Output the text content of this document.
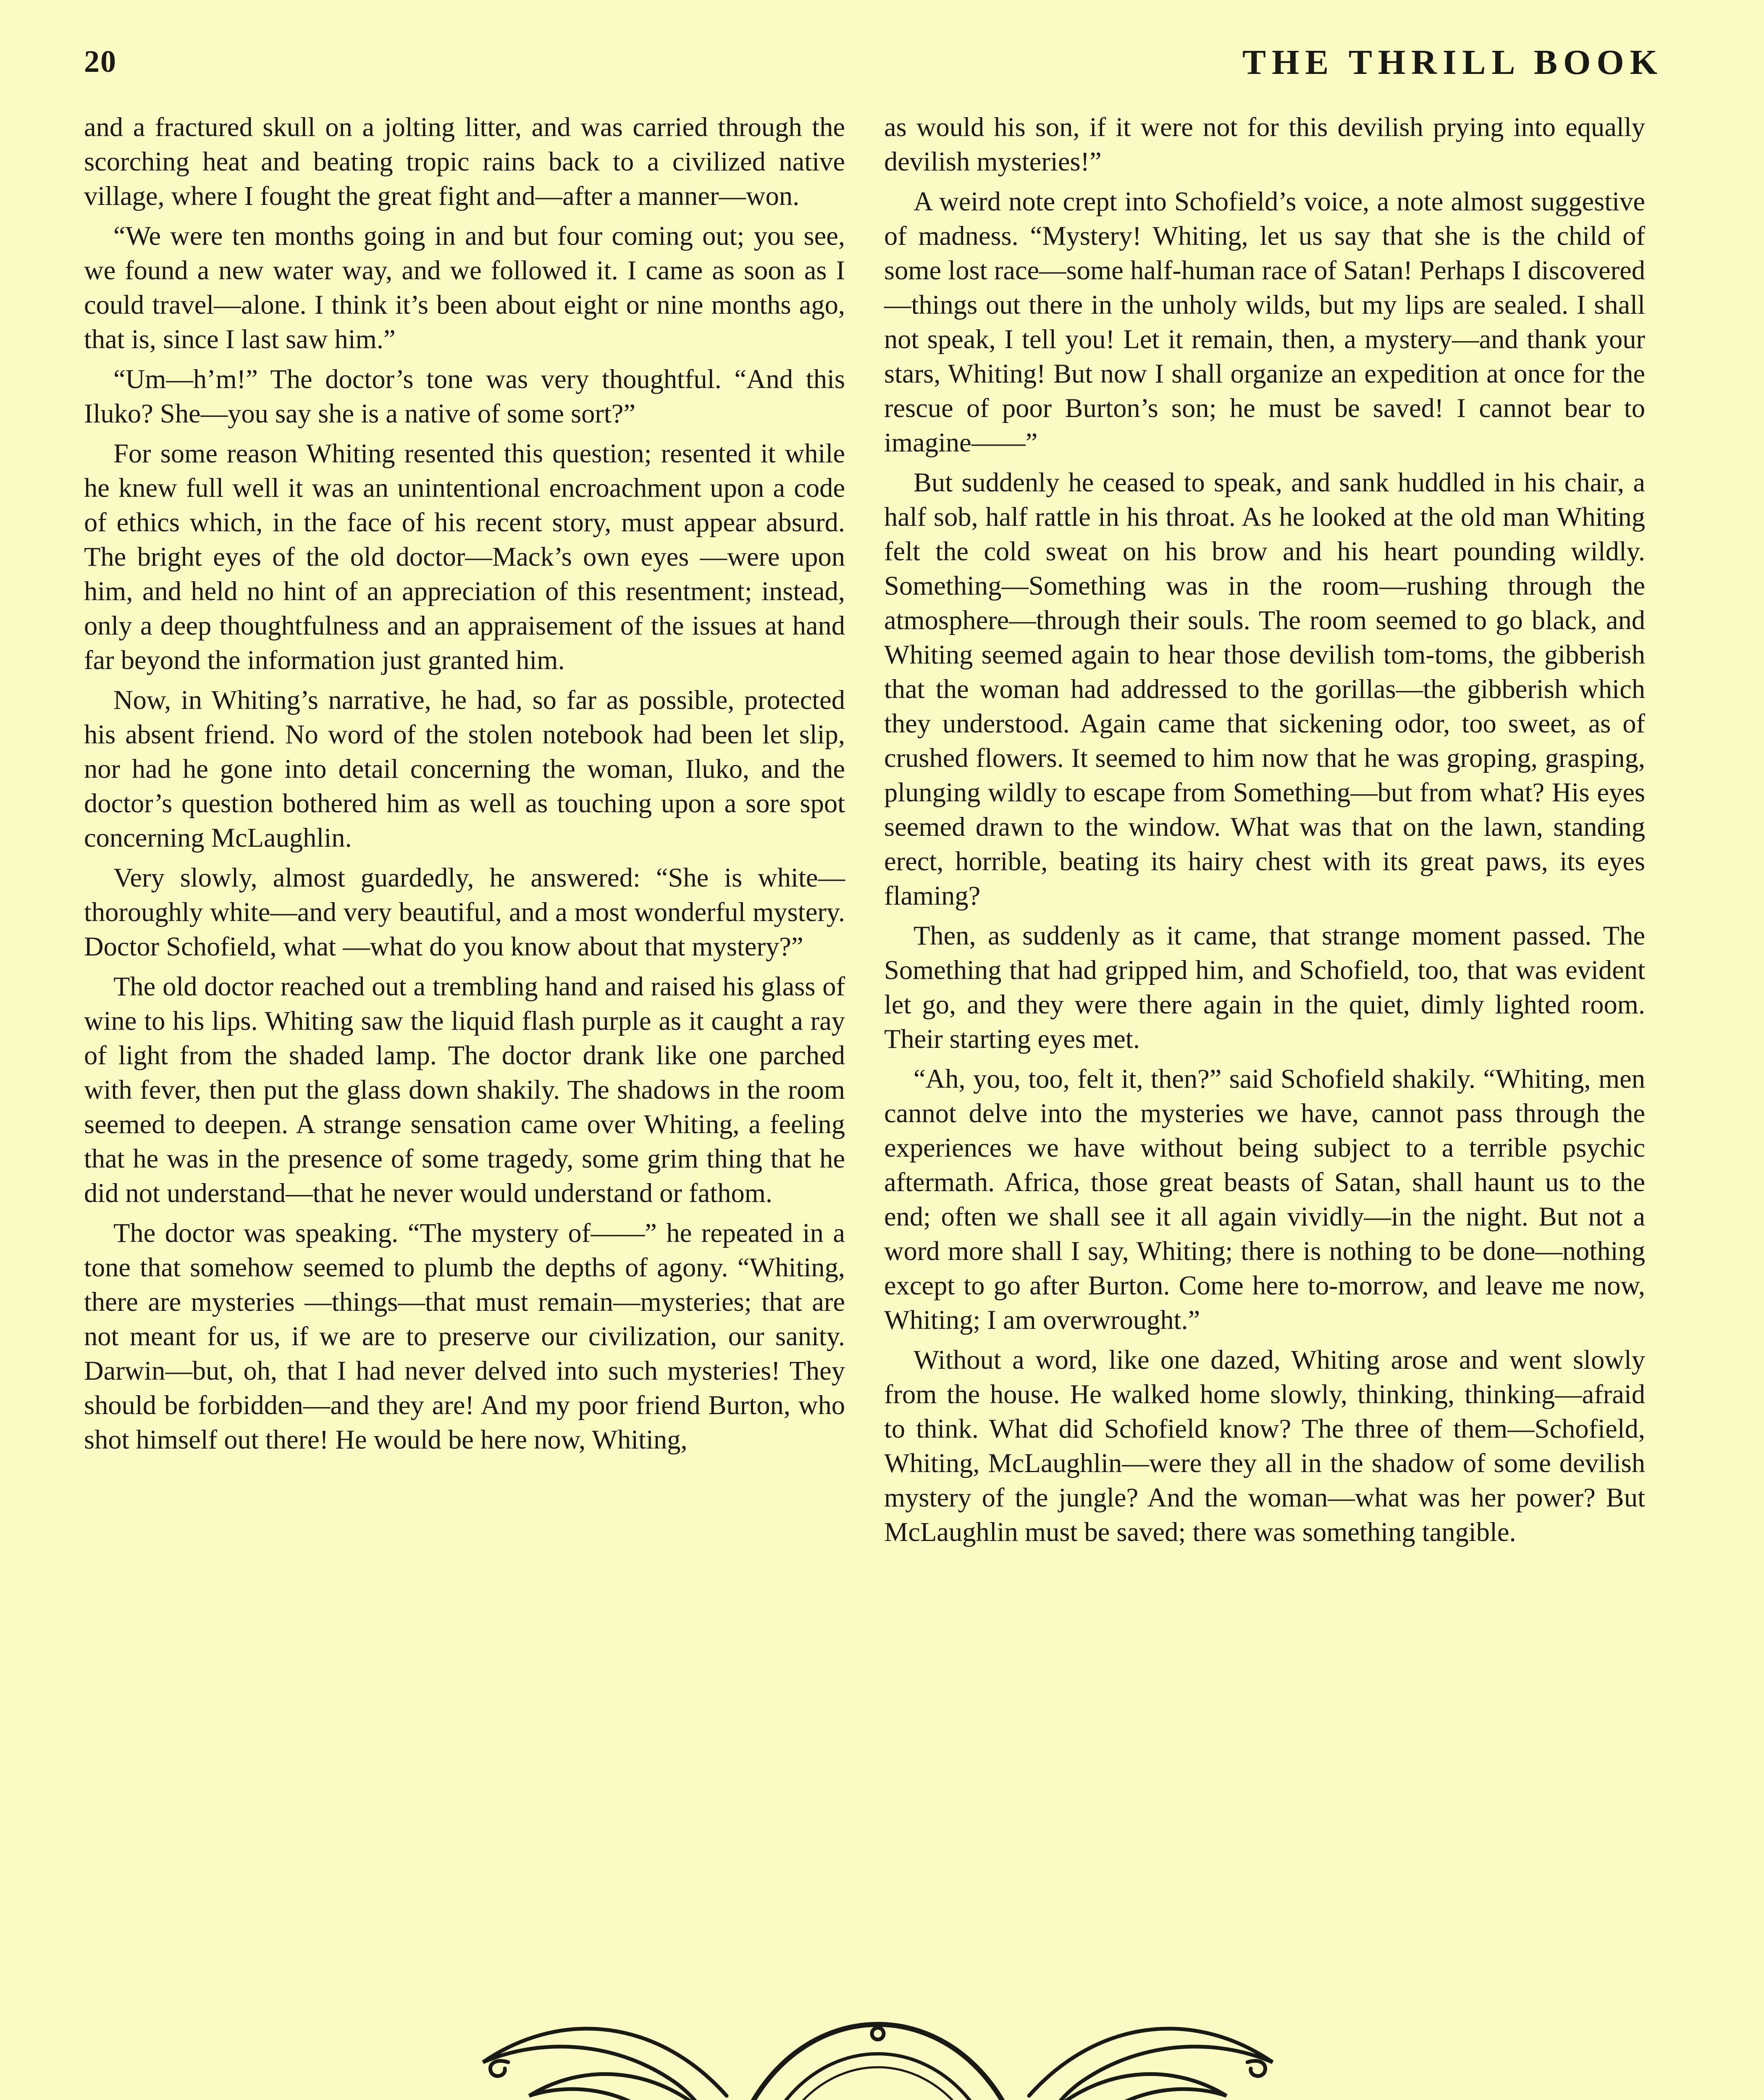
20	THE THRILL BOOK

and a fractured skull on a jolting litter, and was carried through the scorching heat and beating tropic rains back to a civilized native village, where I fought the great fight and—after a manner—won.

“We were ten months going in and but four coming out; you see, we found a new water way, and we followed it. I came as soon as I could travel—alone. I think it’s been about eight or nine months ago, that is, since I last saw him.”

“Um—h’m!” The doctor’s tone was very thoughtful. “And this Iluko? She—you say she is a native of some sort?”

For some reason Whiting resented this question; resented it while he knew full well it was an unintentional encroachment upon a code of ethics which, in the face of his recent story, must appear absurd. The bright eyes of the old doctor—Mack’s own eyes —were upon him, and held no hint of an appreciation of this resentment; instead, only a deep thoughtfulness and an appraisement of the issues at hand far beyond the information just granted him.

Now, in Whiting’s narrative, he had, so far as possible, protected his absent friend. No word of the stolen notebook had been let slip, nor had he gone into detail concerning the woman, Iluko, and the doctor’s question bothered him as well as touching upon a sore spot concerning McLaughlin.

Very slowly, almost guardedly, he answered: “She is white—thoroughly white—and very beautiful, and a most wonderful mystery. Doctor Schofield, what —what do you know about that mystery?”

The old doctor reached out a trembling hand and raised his glass of wine to his lips. Whiting saw the liquid flash purple as it caught a ray of light from the shaded lamp. The doctor drank like one parched with fever, then put the glass down shakily. The shadows in the room seemed to deepen. A strange sensation came over Whiting, a feeling that he was in the presence of some tragedy, some grim thing that he did not understand—that he never would understand or fathom.

The doctor was speaking. “The mystery of——” he repeated in a tone that somehow seemed to plumb the depths of agony. “Whiting, there are mysteries —things—that must remain—mysteries; that are not meant for us, if we are to preserve our civilization, our sanity. Darwin—but, oh, that I had never delved into such mysteries! They should be forbidden—and they are! And my poor friend Burton, who shot himself out there! He would be here now, Whiting,

as would his son, if it were not for this devilish prying into equally devilish mysteries!”

A weird note crept into Schofield’s voice, a note almost suggestive of madness. “Mystery! Whiting, let us say that she is the child of some lost race—some half-human race of Satan! Perhaps I discovered—things out there in the unholy wilds, but my lips are sealed. I shall not speak, I tell you! Let it remain, then, a mystery—and thank your stars, Whiting! But now I shall organize an expedition at once for the rescue of poor Burton’s son; he must be saved! I cannot bear to imagine——”

But suddenly he ceased to speak, and sank huddled in his chair, a half sob, half rattle in his throat. As he looked at the old man Whiting felt the cold sweat on his brow and his heart pounding wildly. Something—Something was in the room—rushing through the atmosphere—through their souls. The room seemed to go black, and Whiting seemed again to hear those devilish tom-toms, the gibberish that the woman had addressed to the gorillas—the gibberish which they understood. Again came that sickening odor, too sweet, as of crushed flowers. It seemed to him now that he was groping, grasping, plunging wildly to escape from Something—but from what? His eyes seemed drawn to the window. What was that on the lawn, standing erect, horrible, beating its hairy chest with its great paws, its eyes flaming?

Then, as suddenly as it came, that strange moment passed. The Something that had gripped him, and Schofield, too, that was evident let go, and they were there again in the quiet, dimly lighted room. Their starting eyes met.

“Ah, you, too, felt it, then?” said Schofield shakily. “Whiting, men cannot delve into the mysteries we have, cannot pass through the experiences we have without being subject to a terrible psychic aftermath. Africa, those great beasts of Satan, shall haunt us to the end; often we shall see it all again vividly—in the night. But not a word more shall I say, Whiting; there is nothing to be done—nothing except to go after Burton. Come here to-morrow, and leave me now, Whiting; I am overwrought.”

Without a word, like one dazed, Whiting arose and went slowly from the house. He walked home slowly, thinking, thinking—afraid to think. What did Schofield know? The three of them—Schofield, Whiting, McLaughlin—were they all in the shadow of some devilish mystery of the jungle? And the woman—what was her power? But McLaughlin must be saved; there was something tangible.
